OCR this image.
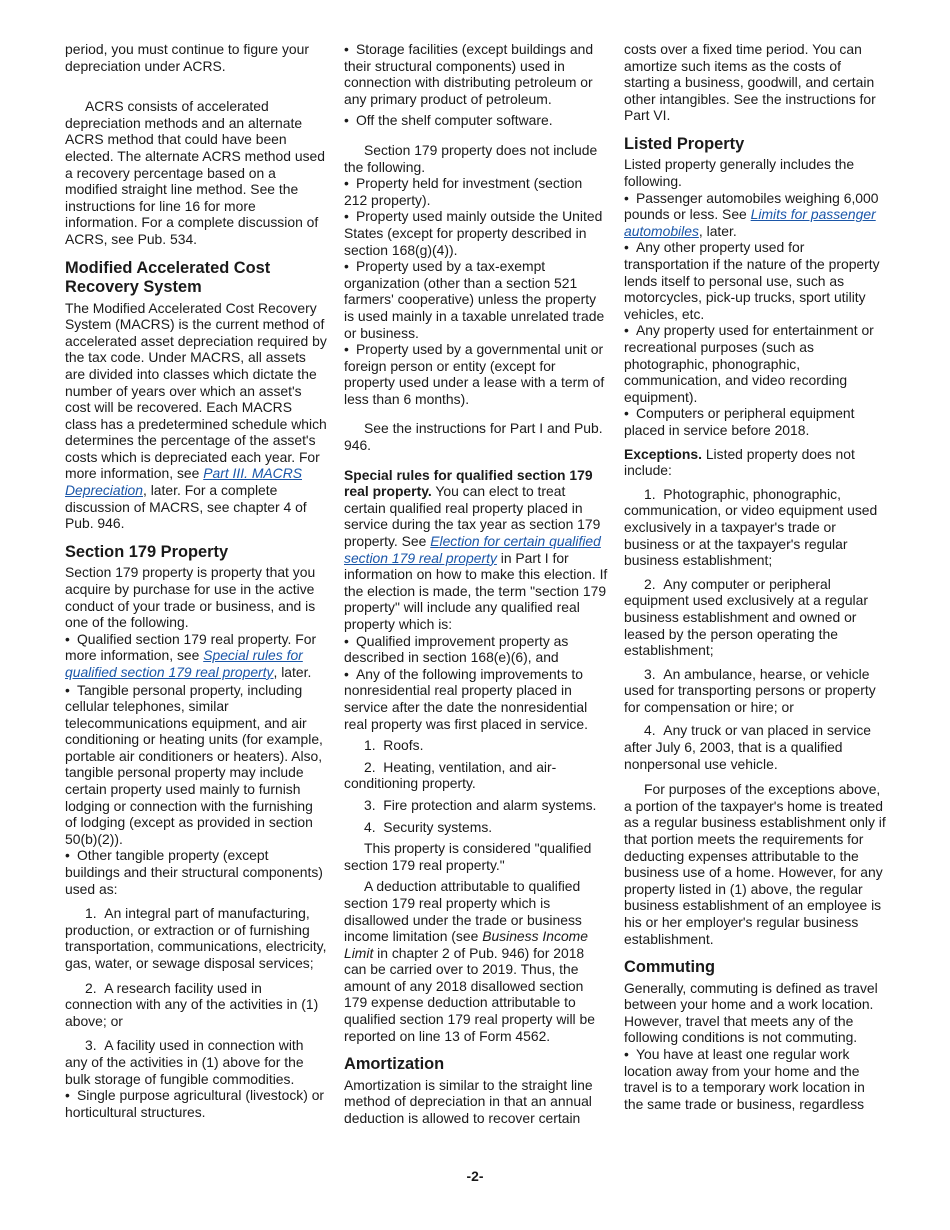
period, you must continue to figure your depreciation under ACRS.

ACRS consists of accelerated depreciation methods and an alternate ACRS method that could have been elected. The alternate ACRS method used a recovery percentage based on a modified straight line method. See the instructions for line 16 for more information. For a complete discussion of ACRS, see Pub. 534.

Modified Accelerated Cost Recovery System

The Modified Accelerated Cost Recovery System (MACRS) is the current method of accelerated asset depreciation required by the tax code. Under MACRS, all assets are divided into classes which dictate the number of years over which an asset's cost will be recovered. Each MACRS class has a predetermined schedule which determines the percentage of the asset's costs which is depreciated each year. For more information, see Part III. MACRS Depreciation, later. For a complete discussion of MACRS, see chapter 4 of Pub. 946.

Section 179 Property

Section 179 property is property that you acquire by purchase for use in the active conduct of your trade or business, and is one of the following.

• Qualified section 179 real property. For more information, see Special rules for qualified section 179 real property, later.

• Tangible personal property, including cellular telephones, similar telecommunications equipment, and air conditioning or heating units (for example, portable air conditioners or heaters). Also, tangible personal property may include certain property used mainly to furnish lodging or connection with the furnishing of lodging (except as provided in section 50(b)(2)).

• Other tangible property (except buildings and their structural components) used as:

1.  An integral part of manufacturing, production, or extraction or of furnishing transportation, communications, electricity, gas, water, or sewage disposal services;

2.  A research facility used in connection with any of the activities in (1) above; or

3.  A facility used in connection with any of the activities in (1) above for the bulk storage of fungible commodities.

• Single purpose agricultural (livestock) or horticultural structures.

• Storage facilities (except buildings and their structural components) used in connection with distributing petroleum or any primary product of petroleum.

• Off the shelf computer software.

Section 179 property does not include the following.

• Property held for investment (section 212 property).

• Property used mainly outside the United States (except for property described in section 168(g)(4)).

• Property used by a tax-exempt organization (other than a section 521 farmers' cooperative) unless the property is used mainly in a taxable unrelated trade or business.

• Property used by a governmental unit or foreign person or entity (except for property used under a lease with a term of less than 6 months).

See the instructions for Part I and Pub. 946.

Special rules for qualified section 179 real property. You can elect to treat certain qualified real property placed in service during the tax year as section 179 property. See Election for certain qualified section 179 real property in Part I for information on how to make this election. If the election is made, the term "section 179 property" will include any qualified real property which is:

• Qualified improvement property as described in section 168(e)(6), and

• Any of the following improvements to nonresidential real property placed in service after the date the nonresidential real property was first placed in service.

1.  Roofs.

2.  Heating, ventilation, and air-conditioning property.

3.  Fire protection and alarm systems.

4.  Security systems.

This property is considered "qualified section 179 real property."

A deduction attributable to qualified section 179 real property which is disallowed under the trade or business income limitation (see Business Income Limit in chapter 2 of Pub. 946) for 2018 can be carried over to 2019. Thus, the amount of any 2018 disallowed section 179 expense deduction attributable to qualified section 179 real property will be reported on line 13 of Form 4562.

Amortization

Amortization is similar to the straight line method of depreciation in that an annual deduction is allowed to recover certain

costs over a fixed time period. You can amortize such items as the costs of starting a business, goodwill, and certain other intangibles. See the instructions for Part VI.

Listed Property

Listed property generally includes the following.

• Passenger automobiles weighing 6,000 pounds or less. See Limits for passenger automobiles, later.

• Any other property used for transportation if the nature of the property lends itself to personal use, such as motorcycles, pick-up trucks, sport utility vehicles, etc.

• Any property used for entertainment or recreational purposes (such as photographic, phonographic, communication, and video recording equipment).

• Computers or peripheral equipment placed in service before 2018.

Exceptions. Listed property does not include:

1.  Photographic, phonographic, communication, or video equipment used exclusively in a taxpayer's trade or business or at the taxpayer's regular business establishment;

2.  Any computer or peripheral equipment used exclusively at a regular business establishment and owned or leased by the person operating the establishment;

3.  An ambulance, hearse, or vehicle used for transporting persons or property for compensation or hire; or

4.  Any truck or van placed in service after July 6, 2003, that is a qualified nonpersonal use vehicle.

For purposes of the exceptions above, a portion of the taxpayer's home is treated as a regular business establishment only if that portion meets the requirements for deducting expenses attributable to the business use of a home. However, for any property listed in (1) above, the regular business establishment of an employee is his or her employer's regular business establishment.

Commuting

Generally, commuting is defined as travel between your home and a work location. However, travel that meets any of the following conditions is not commuting.

• You have at least one regular work location away from your home and the travel is to a temporary work location in the same trade or business, regardless

-2-
